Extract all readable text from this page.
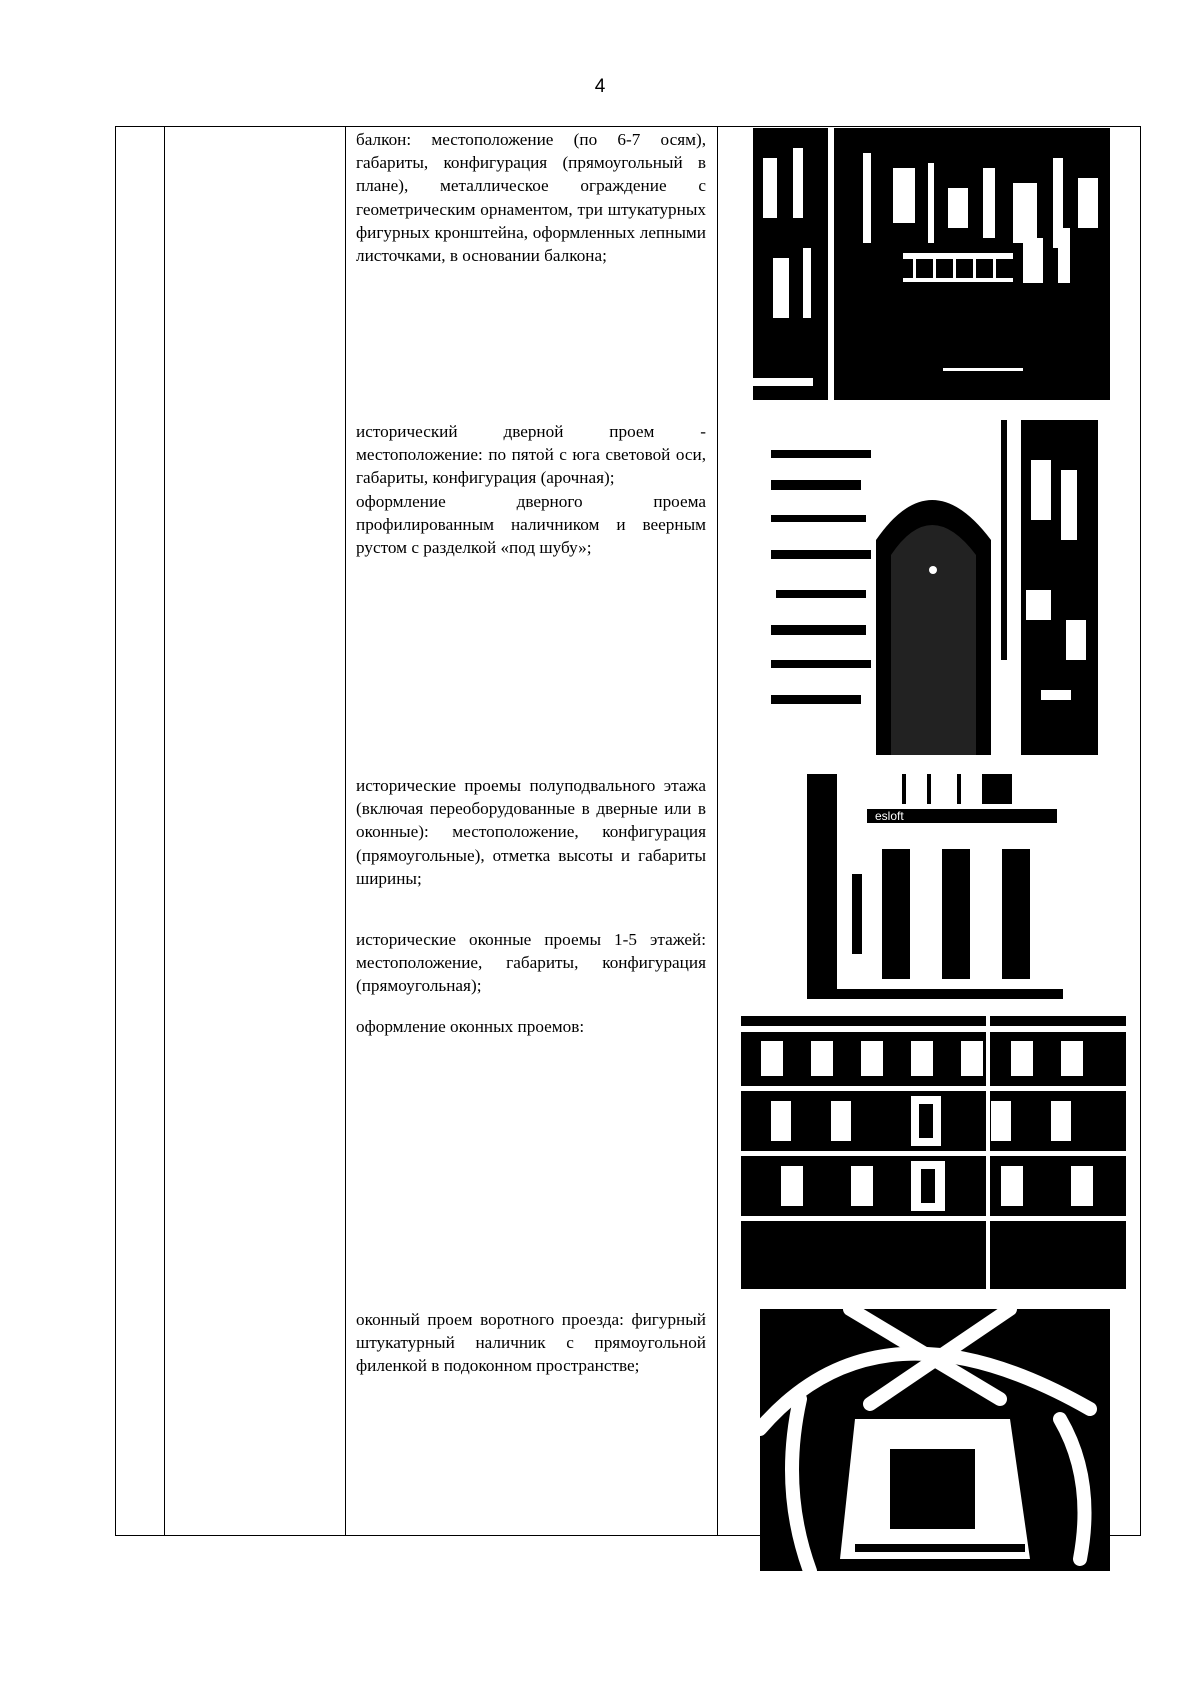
4

балкон: местоположение (по 6-7 осям), габариты, конфигурация (прямоугольный в плане), металлическое ограждение с геометрическим орнаментом, три штукатурных фигурных кронштейна, оформленных лепными листочками, в основании балкона;

исторический дверной проем - местоположение: по пятой с юга световой оси, габариты, конфигурация (арочная);

оформление дверного проема профилированным наличником и веерным рустом с разделкой «под шубу»;

исторические проемы полуподвального этажа (включая переоборудованные в дверные или в оконные): местоположение, конфигурация (прямоугольные), отметка высоты и габариты ширины;

исторические оконные проемы 1-5 этажей: местоположение, габариты, конфигурация (прямоугольная);

оформление оконных проемов:

оконный проем воротного проезда: фигурный штукатурный наличник с прямоугольной филенкой в подоконном пространстве;

esloft
